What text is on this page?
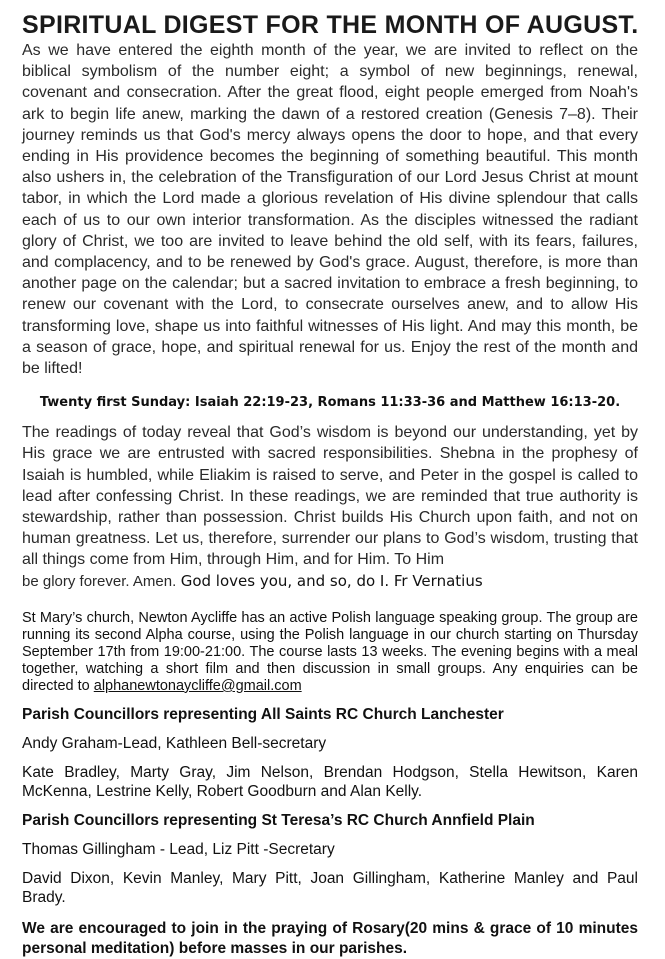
SPIRITUAL DIGEST FOR THE MONTH OF AUGUST.

As we have entered the eighth month of the year, we are invited to reflect on the biblical symbolism of the number eight; a symbol of new beginnings, renewal, covenant and consecration. After the great flood, eight people emerged from Noah's ark to begin life anew, marking the dawn of a restored creation (Genesis 7–8). Their journey reminds us that God's mercy always opens the door to hope, and that every ending in His providence becomes the beginning of something beautiful. This month also ushers in, the celebration of the Transfiguration of our Lord Jesus Christ at mount tabor, in which the Lord made a glorious revelation of His divine splendour that calls each of us to our own interior transformation. As the disciples witnessed the radiant glory of Christ, we too are invited to leave behind the old self, with its fears, failures, and complacency, and to be renewed by God's grace. August, therefore, is more than another page on the calendar; but a sacred invitation to embrace a fresh beginning, to renew our covenant with the Lord, to consecrate ourselves anew, and to allow His transforming love, shape us into faithful witnesses of His light. And may this month, be a season of grace, hope, and spiritual renewal for us. Enjoy the rest of the month and be lifted!

Twenty first Sunday: Isaiah 22:19-23, Romans 11:33-36 and Matthew 16:13-20.

The readings of today reveal that God’s wisdom is beyond our understanding, yet by His grace we are entrusted with sacred responsibilities. Shebna in the prophesy of Isaiah is humbled, while Eliakim is raised to serve, and Peter in the gospel is called to lead after confessing Christ. In these readings, we are reminded that true authority is stewardship, rather than possession. Christ builds His Church upon faith, and not on human greatness. Let us, therefore, surrender our plans to God’s wisdom, trusting that all things come from Him, through Him, and for Him. To Him
be glory forever. Amen. God loves you, and so, do I. Fr Vernatius

St Mary’s church, Newton Aycliffe has an active Polish language speaking group. The group are running its second Alpha course, using the Polish language in our church starting on Thursday September 17th from 19:00-21:00. The course lasts 13 weeks. The evening begins with a meal together, watching a short film and then discussion in small groups. Any enquiries can be directed to alphanewtonaycliffe@gmail.com

Parish Councillors representing All Saints RC Church Lanchester

Andy Graham-Lead, Kathleen Bell-secretary

Kate Bradley, Marty Gray, Jim Nelson, Brendan Hodgson, Stella Hewitson, Karen McKenna, Lestrine Kelly, Robert Goodburn and Alan Kelly.

Parish Councillors representing St Teresa’s RC Church Annfield Plain

Thomas Gillingham - Lead, Liz Pitt -Secretary

David Dixon, Kevin Manley, Mary Pitt, Joan Gillingham, Katherine Manley and Paul Brady.

We are encouraged to join in the praying of Rosary(20 mins & grace of 10 minutes personal meditation) before masses in our parishes.
